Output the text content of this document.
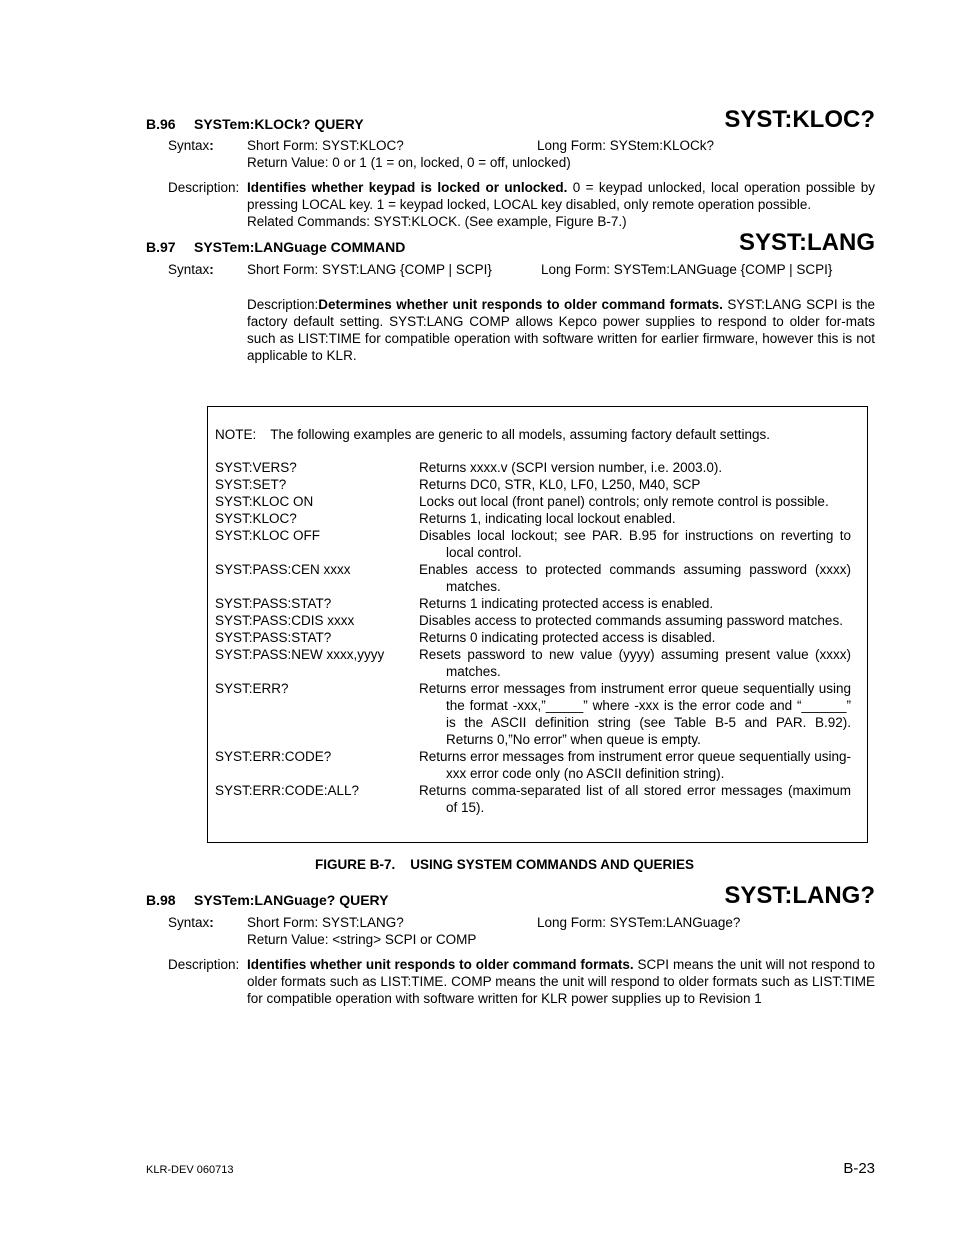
B.96 SYSTem:KLOCk? QUERY	SYST:KLOC?
Syntax: Short Form: SYST:KLOC?	Long Form: SYStem:KLOCk?
Return Value: 0 or 1 (1 = on, locked, 0 = off, unlocked)
Description: Identifies whether keypad is locked or unlocked. 0 = keypad unlocked, local operation possible by pressing LOCAL key. 1 = keypad locked, LOCAL key disabled, only remote operation possible.
Related Commands: SYST:KLOCK. (See example, Figure B-7.)
B.97 SYSTem:LANGuage COMMAND	SYST:LANG
Syntax: Short Form: SYST:LANG {COMP | SCPI}	Long Form: SYSTem:LANGuage {COMP | SCPI}
Description:Determines whether unit responds to older command formats. SYST:LANG SCPI is the factory default setting. SYST:LANG COMP allows Kepco power supplies to respond to older for-mats such as LIST:TIME for compatible operation with software written for earlier firmware, however this is not applicable to KLR.
NOTE: The following examples are generic to all models, assuming factory default settings.
SYST:VERS?	Returns xxxx.v (SCPI version number, i.e. 2003.0).
SYST:SET?	Returns DC0, STR, KL0, LF0, L250, M40, SCP
SYST:KLOC ON	Locks out local (front panel) controls; only remote control is possible.
SYST:KLOC?	Returns 1, indicating local lockout enabled.
SYST:KLOC OFF	Disables local lockout; see PAR. B.95 for instructions on reverting to local control.
SYST:PASS:CEN xxxx	Enables access to protected commands assuming password (xxxx) matches.
SYST:PASS:STAT?	Returns 1 indicating protected access is enabled.
SYST:PASS:CDIS xxxx	Disables access to protected commands assuming password matches.
SYST:PASS:STAT?	Returns 0 indicating protected access is disabled.
SYST:PASS:NEW xxxx,yyyy	Resets password to new value (yyyy) assuming present value (xxxx) matches.
SYST:ERR?	Returns error messages from instrument error queue sequentially using the format -xxx,”_____” where -xxx is the error code and “______” is the ASCII definition string (see Table B-5 and PAR. B.92). Returns 0,”No error” when queue is empty.
SYST:ERR:CODE?	Returns error messages from instrument error queue sequentially using-xxx error code only (no ASCII definition string).
SYST:ERR:CODE:ALL?	Returns comma-separated list of all stored error messages (maximum of 15).
FIGURE B-7.    USING SYSTEM COMMANDS AND QUERIES
B.98 SYSTem:LANGuage? QUERY	SYST:LANG?
Syntax: Short Form: SYST:LANG?	Long Form: SYSTem:LANGuage?
Return Value: <string> SCPI or COMP
Description: Identifies whether unit responds to older command formats. SCPI means the unit will not respond to older formats such as LIST:TIME. COMP means the unit will respond to older formats such as LIST:TIME for compatible operation with software written for KLR power supplies up to Revision 1
KLR-DEV 060713	B-23
